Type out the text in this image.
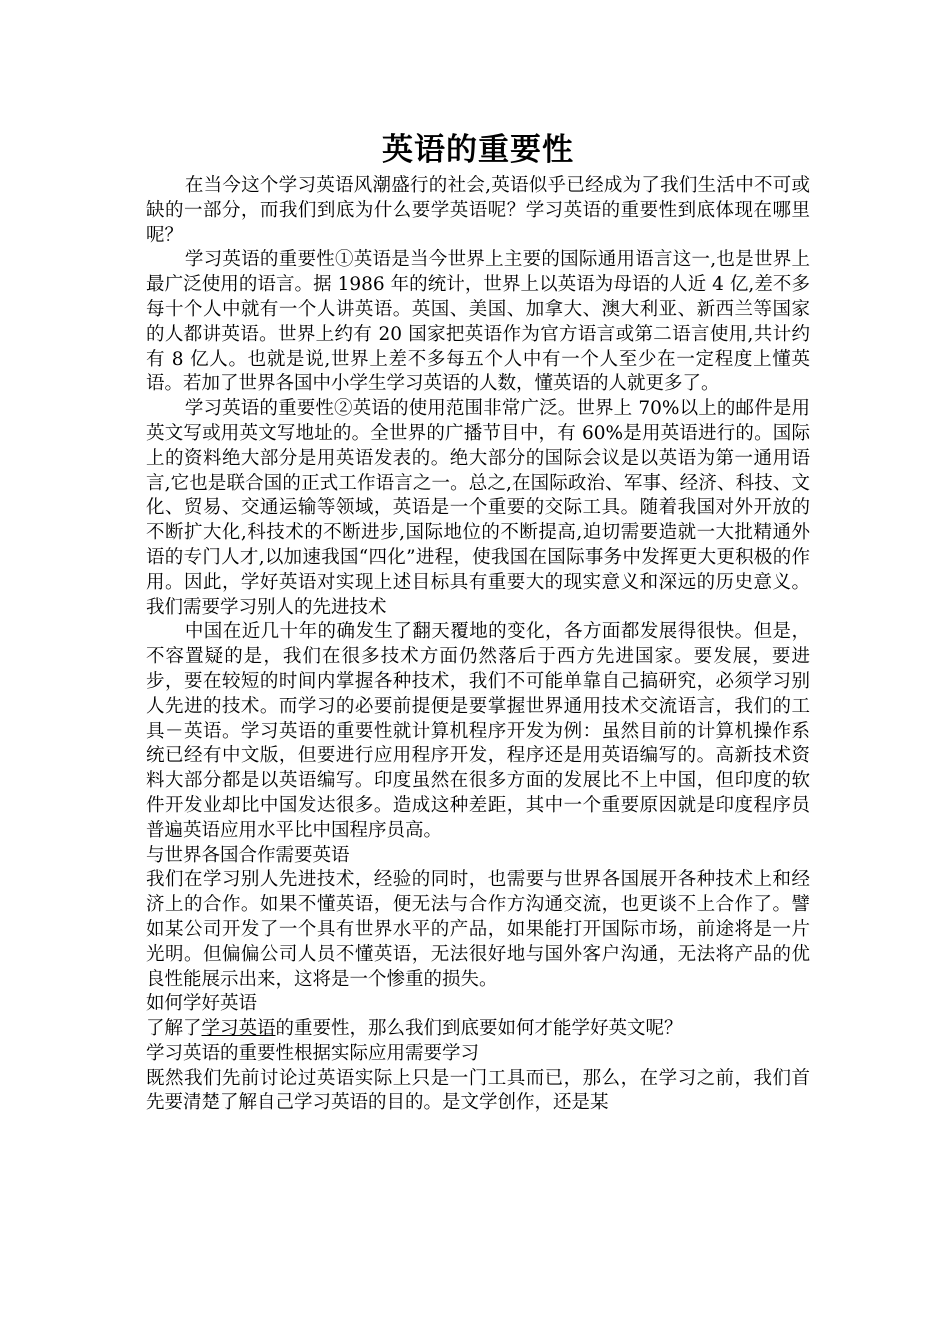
英语的重要性

在当今这个学习英语风潮盛行的社会,英语似乎已经成为了我们生活中不可或缺的一部分，而我们到底为什么要学英语呢？学习英语的重要性到底体现在哪里呢？

学习英语的重要性①英语是当今世界上主要的国际通用语言这一,也是世界上最广泛使用的语言。据 1986 年的统计，世界上以英语为母语的人近 4 亿,差不多每十个人中就有一个人讲英语。英国、美国、加拿大、澳大利亚、新西兰等国家的人都讲英语。世界上约有 20 国家把英语作为官方语言或第二语言使用,共计约有 8 亿人。也就是说,世界上差不多每五个人中有一个人至少在一定程度上懂英语。若加了世界各国中小学生学习英语的人数，懂英语的人就更多了。

学习英语的重要性②英语的使用范围非常广泛。世界上 70%以上的邮件是用英文写或用英文写地址的。全世界的广播节目中，有 60%是用英语进行的。国际上的资料绝大部分是用英语发表的。绝大部分的国际会议是以英语为第一通用语言,它也是联合国的正式工作语言之一。总之,在国际政治、军事、经济、科技、文化、贸易、交通运输等领域，英语是一个重要的交际工具。随着我国对外开放的不断扩大化,科技术的不断进步,国际地位的不断提高,迫切需要造就一大批精通外语的专门人才,以加速我国“四化”进程，使我国在国际事务中发挥更大更积极的作用。因此，学好英语对实现上述目标具有重要大的现实意义和深远的历史意义。我们需要学习别人的先进技术

中国在近几十年的确发生了翻天覆地的变化，各方面都发展得很快。但是，不容置疑的是，我们在很多技术方面仍然落后于西方先进国家。要发展，要进步，要在较短的时间内掌握各种技术，我们不可能单靠自己搞研究，必须学习别人先进的技术。而学习的必要前提便是要掌握世界通用技术交流语言，我们的工具－英语。学习英语的重要性就计算机程序开发为例：虽然目前的计算机操作系统已经有中文版，但要进行应用程序开发，程序还是用英语编写的。高新技术资料大部分都是以英语编写。印度虽然在很多方面的发展比不上中国，但印度的软件开发业却比中国发达很多。造成这种差距，其中一个重要原因就是印度程序员普遍英语应用水平比中国程序员高。

与世界各国合作需要英语

我们在学习别人先进技术，经验的同时，也需要与世界各国展开各种技术上和经济上的合作。如果不懂英语，便无法与合作方沟通交流，也更谈不上合作了。譬如某公司开发了一个具有世界水平的产品，如果能打开国际市场，前途将是一片光明。但偏偏公司人员不懂英语，无法很好地与国外客户沟通，无法将产品的优良性能展示出来，这将是一个惨重的损失。

如何学好英语

了解了学习英语的重要性，那么我们到底要如何才能学好英文呢？

学习英语的重要性根据实际应用需要学习

既然我们先前讨论过英语实际上只是一门工具而已，那么，在学习之前，我们首先要清楚了解自己学习英语的目的。是文学创作，还是某
